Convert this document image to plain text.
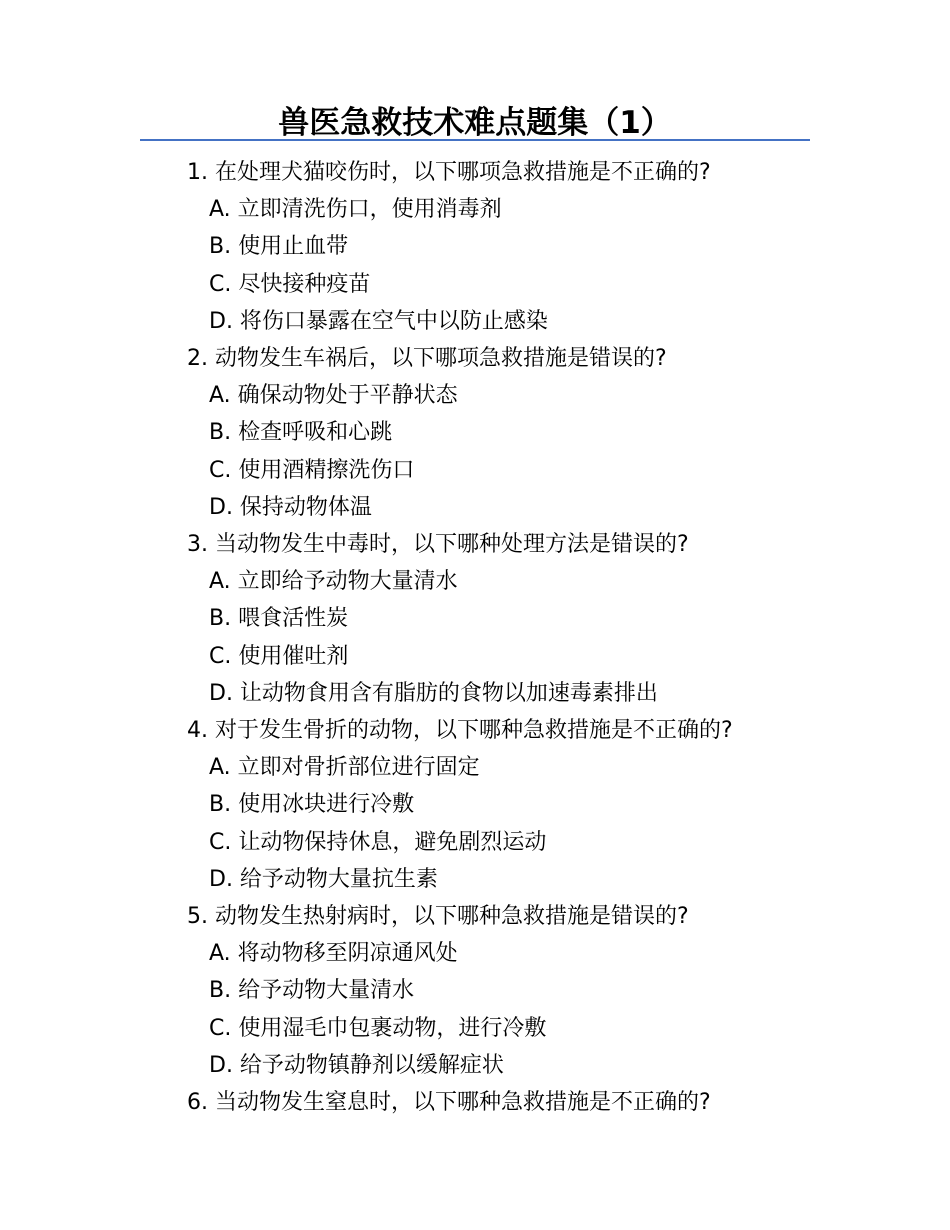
兽医急救技术难点题集（1）
1. 在处理犬猫咬伤时，以下哪项急救措施是不正确的?
A. 立即清洗伤口，使用消毒剂
B. 使用止血带
C. 尽快接种疫苗
D. 将伤口暴露在空气中以防止感染
2. 动物发生车祸后，以下哪项急救措施是错误的?
A. 确保动物处于平静状态
B. 检查呼吸和心跳
C. 使用酒精擦洗伤口
D. 保持动物体温
3. 当动物发生中毒时，以下哪种处理方法是错误的?
A. 立即给予动物大量清水
B. 喂食活性炭
C. 使用催吐剂
D. 让动物食用含有脂肪的食物以加速毒素排出
4. 对于发生骨折的动物，以下哪种急救措施是不正确的?
A. 立即对骨折部位进行固定
B. 使用冰块进行冷敷
C. 让动物保持休息，避免剧烈运动
D. 给予动物大量抗生素
5. 动物发生热射病时，以下哪种急救措施是错误的?
A. 将动物移至阴凉通风处
B. 给予动物大量清水
C. 使用湿毛巾包裹动物，进行冷敷
D. 给予动物镇静剂以缓解症状
6. 当动物发生窒息时，以下哪种急救措施是不正确的?
